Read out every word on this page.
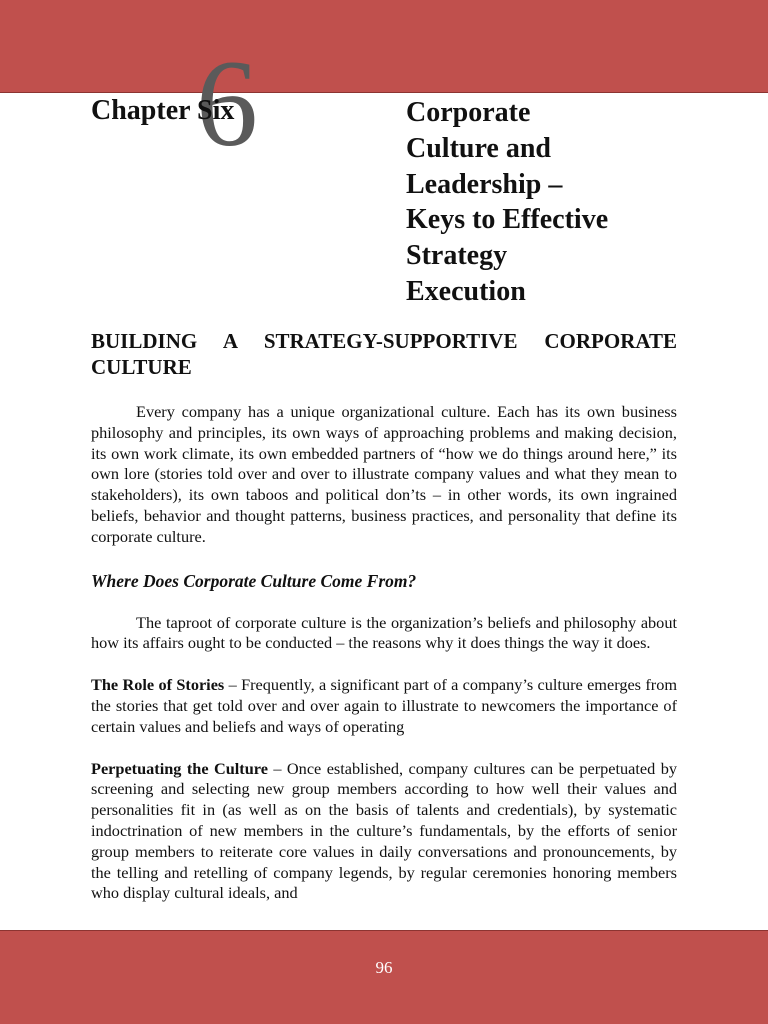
6
Chapter Six	Corporate
Culture and
Leadership –
Keys to Effective
Strategy
Execution
BUILDING A STRATEGY-SUPPORTIVE CORPORATE
CULTURE

Every company has a unique organizational culture. Each has its own business philosophy and principles, its own ways of approaching problems and making decision, its own work climate, its own embedded partners of “how we do things around here,” its own lore (stories told over and over to illustrate company values and what they mean to stakeholders), its own taboos and political don’ts – in other words, its own ingrained beliefs, behavior and thought patterns, business practices, and personality that define its corporate culture.

Where Does Corporate Culture Come From?

The taproot of corporate culture is the organization’s beliefs and philosophy about how its affairs ought to be conducted – the reasons why it does things the way it does.

The Role of Stories – Frequently, a significant part of a company’s culture emerges from the stories that get told over and over again to illustrate to newcomers the importance of certain values and beliefs and ways of operating

Perpetuating the Culture – Once established, company cultures can be perpetuated by screening and selecting new group members according to how well their values and personalities fit in (as well as on the basis of talents and credentials), by systematic indoctrination of new members in the culture’s fundamentals, by the efforts of senior group members to reiterate core values in daily conversations and pronouncements, by the telling and retelling of company legends, by regular ceremonies honoring members who display cultural ideals, and

96
